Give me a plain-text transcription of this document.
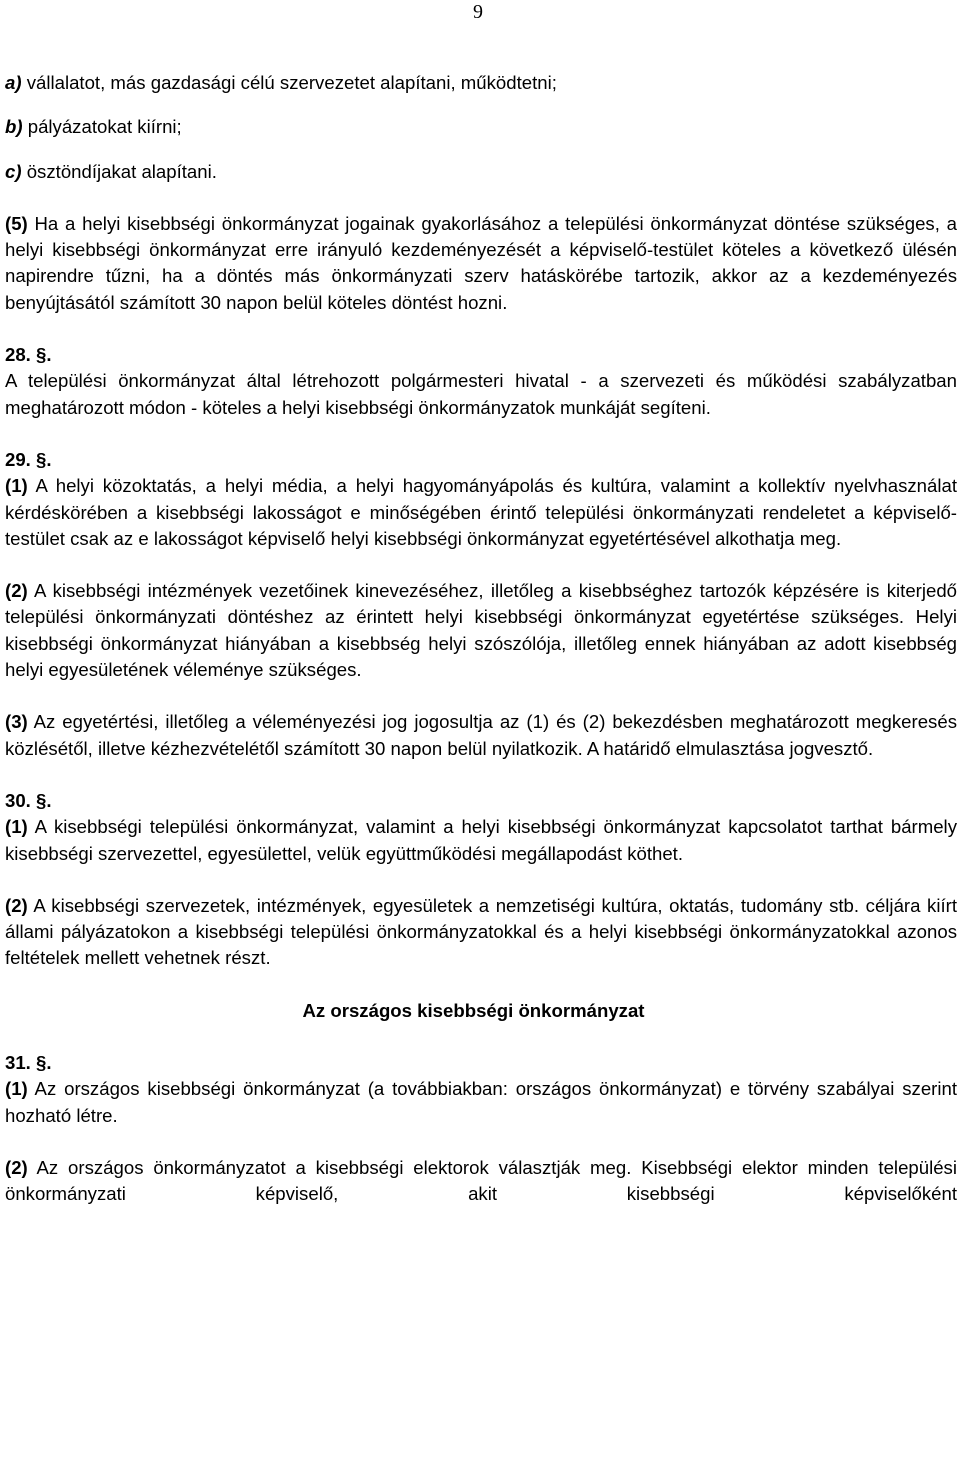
9

a) vállalatot, más gazdasági célú szervezetet alapítani, működtetni;

b) pályázatokat kiírni;

c) ösztöndíjakat alapítani.

(5) Ha a helyi kisebbségi önkormányzat jogainak gyakorlásához a települési önkormányzat döntése szükséges, a helyi kisebbségi önkormányzat erre irányuló kezdeményezését a képviselő-testület köteles a következő ülésén napirendre tűzni, ha a döntés más önkormányzati szerv hatáskörébe tartozik, akkor az a kezdeményezés benyújtásától számított 30 napon belül köteles döntést hozni.

28. §.

A települési önkormányzat által létrehozott polgármesteri hivatal - a szervezeti és működési szabályzatban meghatározott módon - köteles a helyi kisebbségi önkormányzatok munkáját segíteni.

29. §.

(1) A helyi közoktatás, a helyi média, a helyi hagyományápolás és kultúra, valamint a kollektív nyelvhasználat kérdéskörében a kisebbségi lakosságot e minőségében érintő települési önkormányzati rendeletet a képviselő-testület csak az e lakosságot képviselő helyi kisebbségi önkormányzat egyetértésével alkothatja meg.

(2) A kisebbségi intézmények vezetőinek kinevezéséhez, illetőleg a kisebbséghez tartozók képzésére is kiterjedő települési önkormányzati döntéshez az érintett helyi kisebbségi önkormányzat egyetértése szükséges. Helyi kisebbségi önkormányzat hiányában a kisebbség helyi szószólója, illetőleg ennek hiányában az adott kisebbség helyi egyesületének véleménye szükséges.

(3) Az egyetértési, illetőleg a véleményezési jog jogosultja az (1) és (2) bekezdésben meghatározott megkeresés közlésétől, illetve kézhezvételétől számított 30 napon belül nyilatkozik. A határidő elmulasztása jogvesztő.

30. §.

(1) A kisebbségi települési önkormányzat, valamint a helyi kisebbségi önkormányzat kapcsolatot tarthat bármely kisebbségi szervezettel, egyesülettel, velük együttműködési megállapodást köthet.

(2) A kisebbségi szervezetek, intézmények, egyesületek a nemzetiségi kultúra, oktatás, tudomány stb. céljára kiírt állami pályázatokon a kisebbségi települési önkormányzatokkal és a helyi kisebbségi önkormányzatokkal azonos feltételek mellett vehetnek részt.

Az országos kisebbségi önkormányzat

31. §.

(1) Az országos kisebbségi önkormányzat (a továbbiakban: országos önkormányzat) e törvény szabályai szerint hozható létre.

(2) Az országos önkormányzatot a kisebbségi elektorok választják meg. Kisebbségi elektor minden települési önkormányzati képviselő, akit kisebbségi képviselőként
